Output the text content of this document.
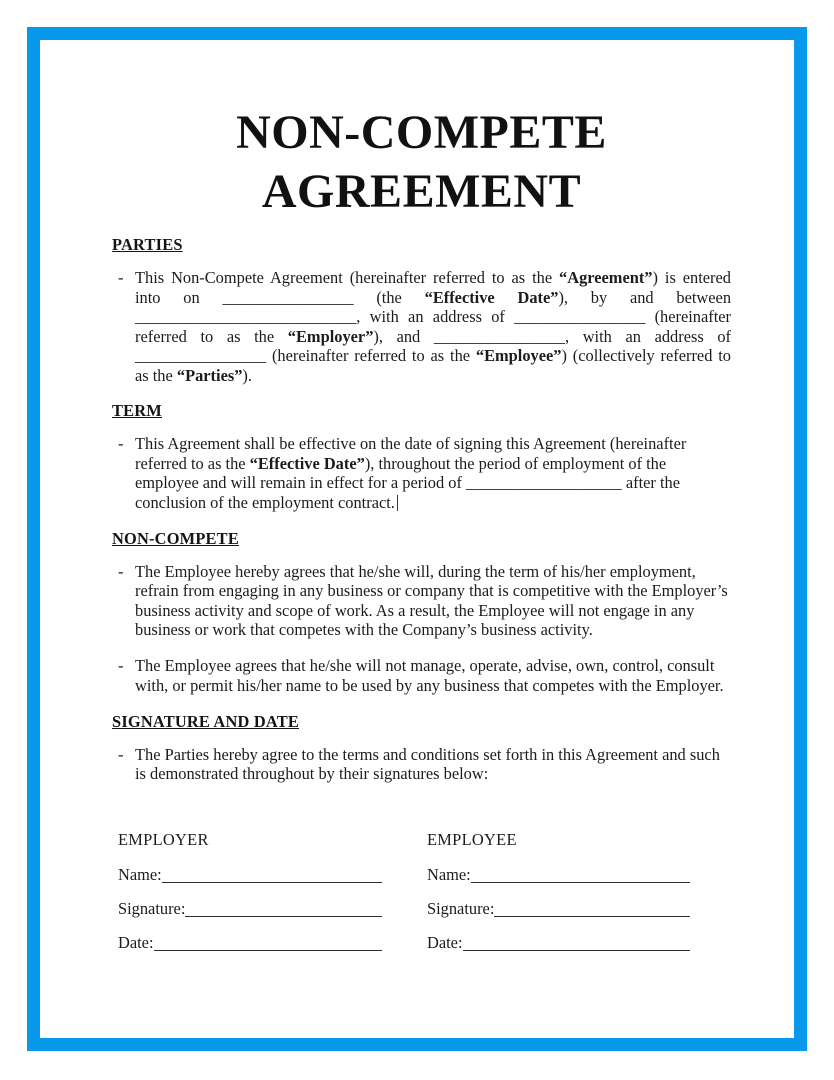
NON-COMPETE
AGREEMENT
PARTIES

- This Non-Compete Agreement (hereinafter referred to as the “Agreement”) is entered into on ________________ (the “Effective Date”), by and between ___________________________, with an address of ________________ (hereinafter referred to as the “Employer”), and ________________, with an address of ________________ (hereinafter referred to as the “Employee”) (collectively referred to as the “Parties”).

TERM

- This Agreement shall be effective on the date of signing this Agreement (hereinafter referred to as the “Effective Date”), throughout the period of employment of the employee and will remain in effect for a period of ___________________ after the conclusion of the employment contract.

NON-COMPETE

- The Employee hereby agrees that he/she will, during the term of his/her employment, refrain from engaging in any business or company that is competitive with the Employer’s business activity and scope of work. As a result, the Employee will not engage in any business or work that competes with the Company’s business activity.

- The Employee agrees that he/she will not manage, operate, advise, own, control, consult with, or permit his/her name to be used by any business that competes with the Employer.

SIGNATURE AND DATE

- The Parties hereby agree to the terms and conditions set forth in this Agreement and such is demonstrated throughout by their signatures below:

EMPLOYER
Name:
Signature:
Date:
EMPLOYEE
Name:
Signature:
Date:
